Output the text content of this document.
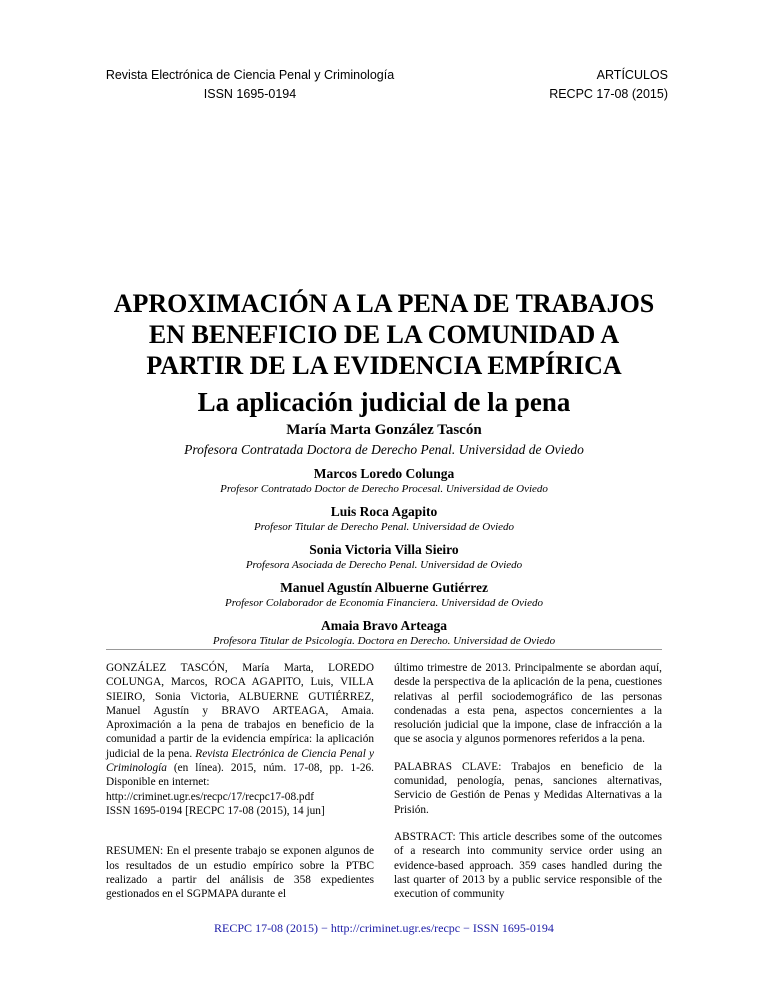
Revista Electrónica de Ciencia Penal y Criminología
ISSN 1695-0194
ARTÍCULOS
RECPC 17-08 (2015)
APROXIMACIÓN A LA PENA DE TRABAJOS
EN BENEFICIO DE LA COMUNIDAD A
PARTIR DE LA EVIDENCIA EMPÍRICA
La aplicación judicial de la pena
María Marta González Tascón
Profesora Contratada Doctora de Derecho Penal. Universidad de Oviedo
Marcos Loredo Colunga
Profesor Contratado Doctor de Derecho Procesal. Universidad de Oviedo
Luis Roca Agapito
Profesor Titular de Derecho Penal. Universidad de Oviedo
Sonia Victoria Villa Sieiro
Profesora Asociada de Derecho Penal. Universidad de Oviedo
Manuel Agustín Albuerne Gutiérrez
Profesor Colaborador de Economía Financiera. Universidad de Oviedo
Amaia Bravo Arteaga
Profesora Titular de Psicología. Doctora en Derecho. Universidad de Oviedo

GONZÁLEZ TASCÓN, María Marta, LOREDO COLUNGA, Marcos, ROCA AGAPITO, Luis, VILLA SIEIRO, Sonia Victoria, ALBUERNE GUTIÉRREZ, Manuel Agustín y BRAVO ARTEAGA, Amaia. Aproximación a la pena de trabajos en beneficio de la comunidad a partir de la evidencia empírica: la aplicación judicial de la pena. Revista Electrónica de Ciencia Penal y Criminología (en línea). 2015, núm. 17-08, pp. 1-26. Disponible en internet:

http://criminet.ugr.es/recpc/17/recpc17-08.pdf

ISSN 1695-0194 [RECPC 17-08 (2015), 14 jun]

RESUMEN: En el presente trabajo se exponen algunos de los resultados de un estudio empírico sobre la PTBC realizado a partir del análisis de 358 expedientes gestionados en el SGPMAPA durante el

último trimestre de 2013. Principalmente se abordan aquí, desde la perspectiva de la aplicación de la pena, cuestiones relativas al perfil sociodemográfico de las personas condenadas a esta pena, aspectos concernientes a la resolución judicial que la impone, clase de infracción a la que se asocia y algunos pormenores referidos a la pena.

PALABRAS CLAVE: Trabajos en beneficio de la comunidad, penología, penas, sanciones alternativas, Servicio de Gestión de Penas y Medidas Alternativas a la Prisión.

ABSTRACT: This article describes some of the outcomes of a research into community service order using an evidence-based approach. 359 cases handled during the last quarter of 2013 by a public service responsible of the execution of community

RECPC 17-08 (2015) − http://criminet.ugr.es/recpc − ISSN 1695-0194
